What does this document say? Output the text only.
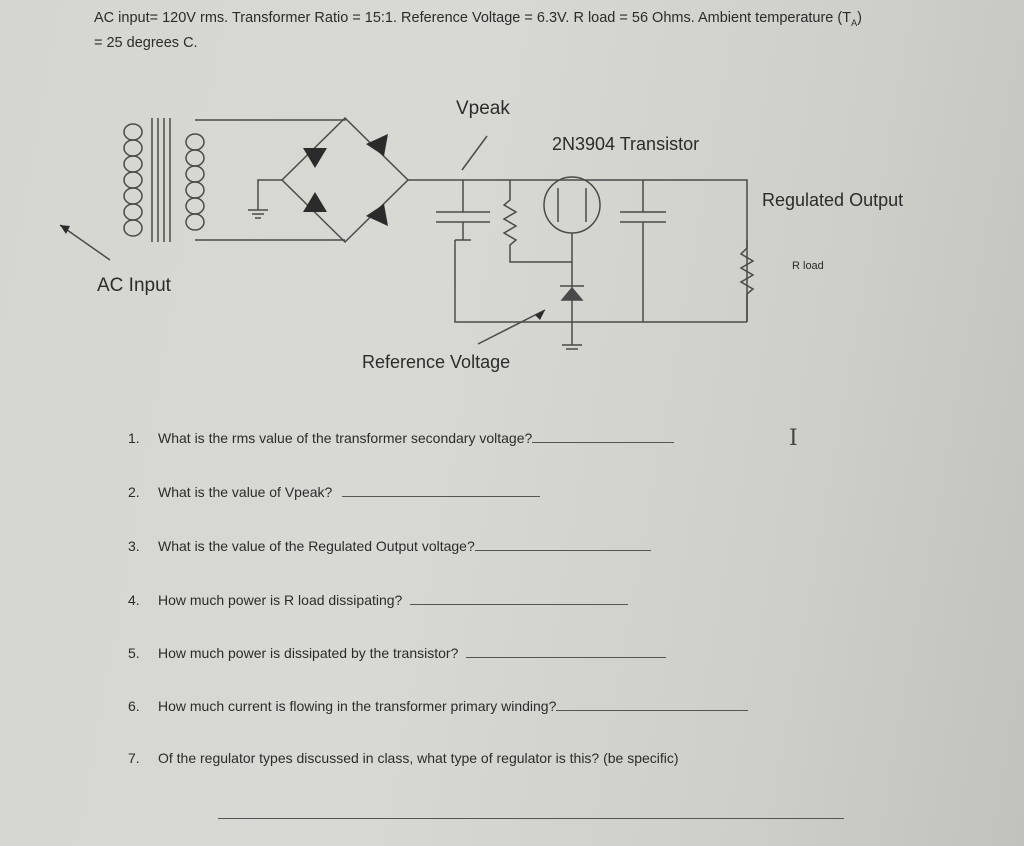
AC input= 120V rms. Transformer Ratio = 15:1. Reference Voltage = 6.3V. R load = 56 Ohms. Ambient temperature $(T_A)$
= 25 degrees C.
Vpeak
2N3904 Transistor
Regulated Output
R load
AC Input
Reference Voltage
1. What is the rms value of the transformer secondary voltage?	I
2. What is the value of Vpeak?
3. What is the value of the Regulated Output voltage?
4. How much power is R load dissipating?
5. How much power is dissipated by the transistor?
6. How much current is flowing in the transformer primary winding?
7. Of the regulator types discussed in class, what type of regulator is this? (be specific)
